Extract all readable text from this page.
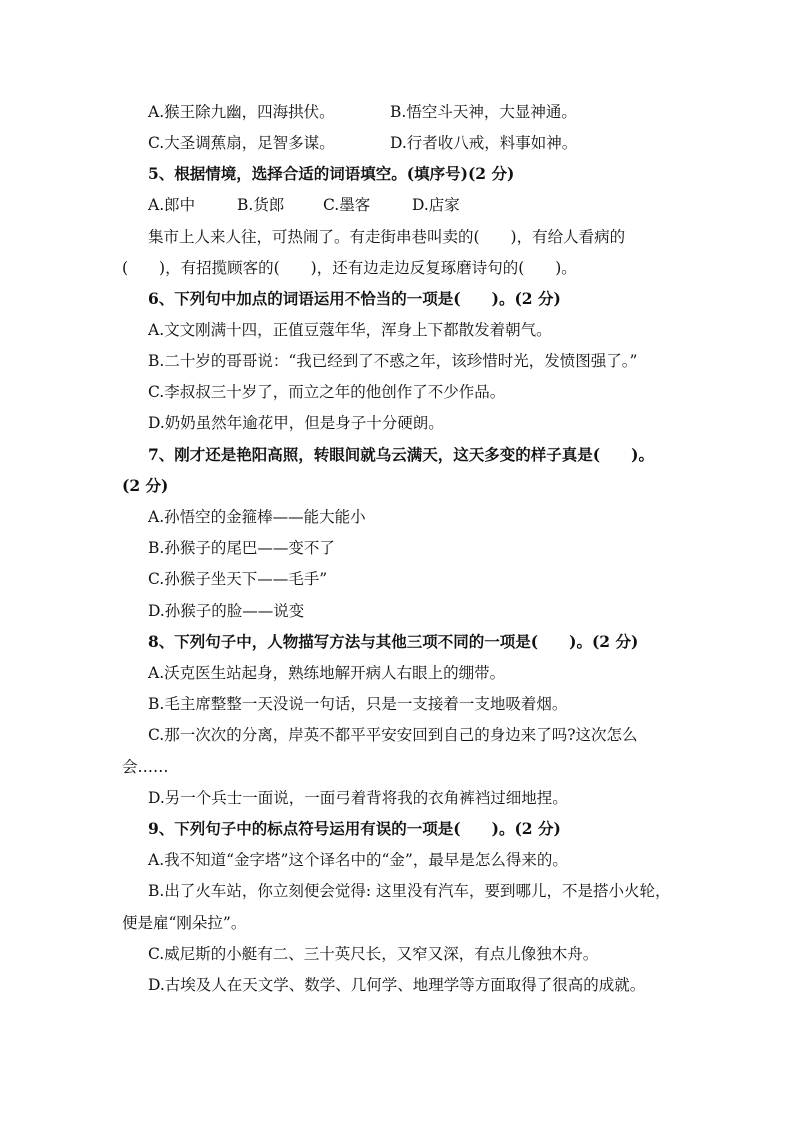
A.猴王除九幽，四海拱伏。	B.悟空斗天神，大显神通。
C.大圣调蕉扇，足智多谋。	D.行者收八戒，料事如神。
5、根据情境，选择合适的词语填空。(填序号)(2 分)
A.郎中	B.货郎 C.墨客	D.店家
集市上人来人往，可热闹了。有走街串巷叫卖的(　　)，有给人看病的
(　　)，有招揽顾客的(　　)，还有边走边反复琢磨诗句的(　　)。
6、下列句中加点的词语运用不恰当的一项是(　　)。(2 分)
A.文文刚满十四，正值豆蔻年华，浑身上下都散发着朝气。
B.二十岁的哥哥说：“我已经到了不惑之年，该珍惜时光，发愤图强了。”
C.李叔叔三十岁了，而立之年的他创作了不少作品。
D.奶奶虽然年逾花甲，但是身子十分硬朗。
7、刚才还是艳阳高照，转眼间就乌云满天，这天多变的样子真是(　　)。
(2 分)
A.孙悟空的金箍棒——能大能小
B.孙猴子的尾巴——变不了
C.孙猴子坐天下——毛手”
D.孙猴子的脸——说变
8、下列句子中，人物描写方法与其他三项不同的一项是(　　)。(2 分)
A.沃克医生站起身，熟练地解开病人右眼上的绷带。
B.毛主席整整一天没说一句话，只是一支接着一支地吸着烟。
C.那一次次的分离，岸英不都平平安安回到自己的身边来了吗?这次怎么
会……
D.另一个兵士一面说，一面弓着背将我的衣角裤裆过细地捏。
9、下列句子中的标点符号运用有误的一项是(　　)。(2 分)
A.我不知道“金字塔”这个译名中的“金”，最早是怎么得来的。
B.出了火车站，你立刻便会觉得: 这里没有汽车，要到哪儿，不是搭小火轮，
便是雇“刚朵拉”。
C.威尼斯的小艇有二、三十英尺长，又窄又深，有点儿像独木舟。
D.古埃及人在天文学、数学、几何学、地理学等方面取得了很高的成就。
